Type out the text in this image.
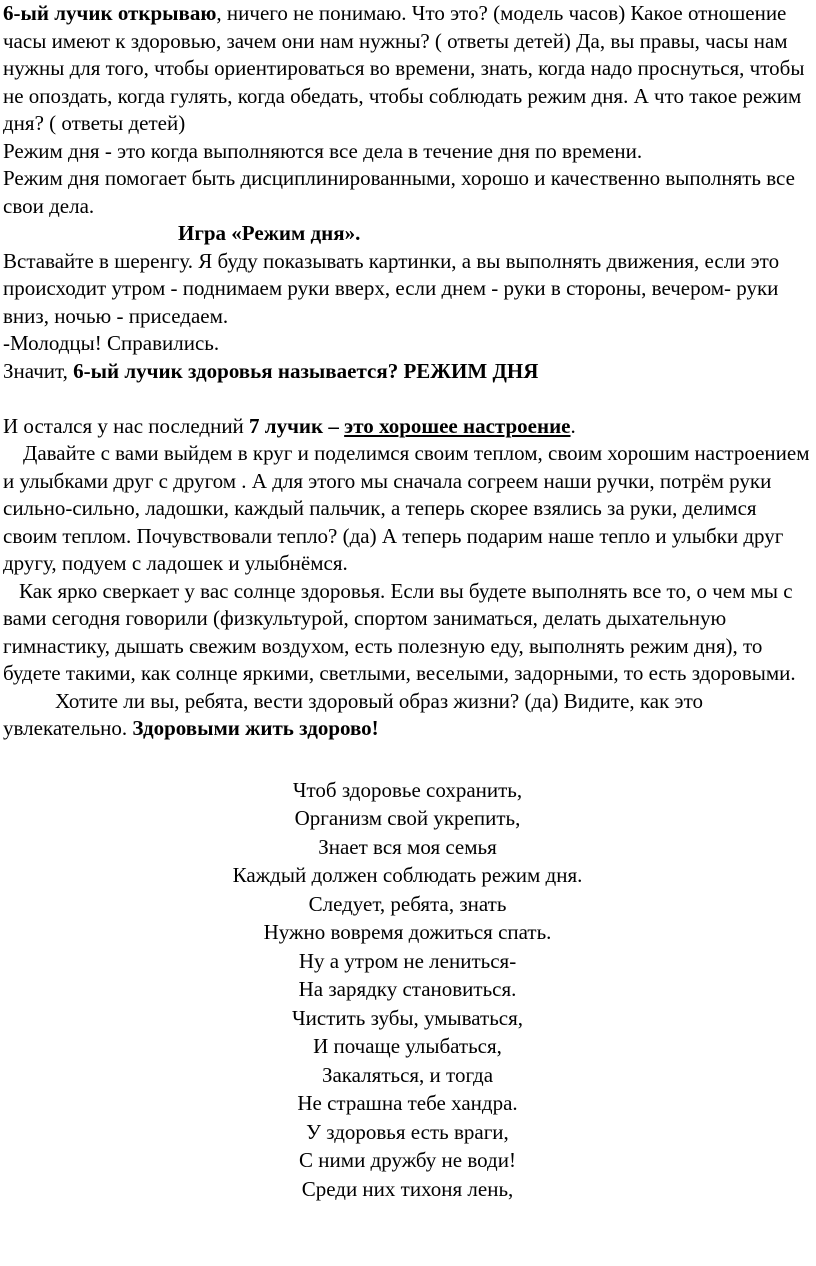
6-ый лучик открываю, ничего не понимаю. Что это? (модель часов) Какое отношение часы имеют к здоровью, зачем они нам нужны? ( ответы детей) Да, вы правы, часы нам нужны для того, чтобы ориентироваться во времени, знать, когда надо проснуться, чтобы не опоздать, когда гулять, когда обедать, чтобы соблюдать режим дня. А что такое режим дня? ( ответы детей)

Режим дня - это когда выполняются все дела в течение дня по времени.

Режим дня помогает быть дисциплинированными, хорошо и качественно выполнять все свои дела.

Игра «Режим дня».

Вставайте в шеренгу. Я буду показывать картинки, а вы выполнять движения, если это происходит утром - поднимаем руки вверх, если днем - руки в стороны, вечером- руки вниз, ночью - приседаем.

-Молодцы! Справились.

Значит, 6-ый лучик здоровья называется? РЕЖИМ ДНЯ

И остался у нас последний 7 лучик – это хорошее настроение.

Давайте с вами выйдем в круг и поделимся своим теплом, своим хорошим настроением и улыбками друг с другом . А для этого мы сначала согреем наши ручки, потрём руки сильно-сильно, ладошки, каждый пальчик, а теперь скорее взялись за руки, делимся своим теплом. Почувствовали тепло? (да) А теперь подарим наше тепло и улыбки друг другу, подуем с ладошек и улыбнёмся.

Как ярко сверкает у вас солнце здоровья. Если вы будете выполнять все то, о чем мы с вами сегодня говорили (физкультурой, спортом заниматься, делать дыхательную гимнастику, дышать свежим воздухом, есть полезную еду, выполнять режим дня), то будете такими, как солнце яркими, светлыми, веселыми, задорными, то есть здоровыми.

Хотите ли вы, ребята, вести здоровый образ жизни? (да) Видите, как это увлекательно. Здоровыми жить здорово!

Чтоб здоровье сохранить,
Организм свой укрепить,
Знает вся моя семья
Каждый должен соблюдать режим дня.
Следует, ребята, знать
Нужно вовремя дожиться спать.
Ну а утром не лениться-
На зарядку становиться.
Чистить зубы, умываться,
И почаще улыбаться,
Закаляться, и тогда
Не страшна тебе хандра.
У здоровья есть враги,
С ними дружбу не води!
Среди них тихоня лень,
